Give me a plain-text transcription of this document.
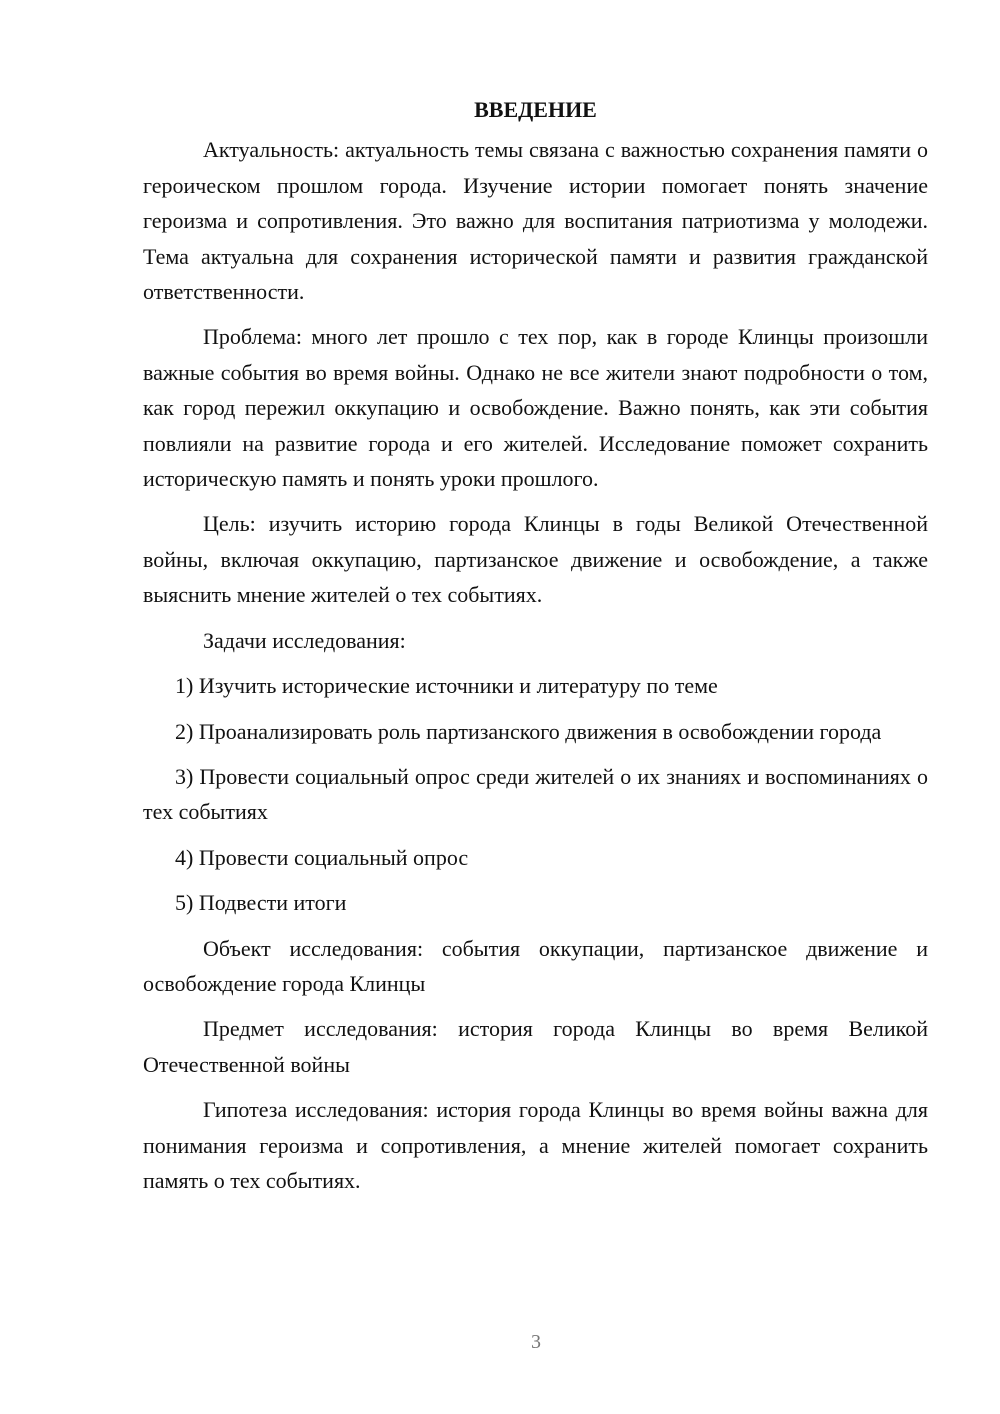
ВВЕДЕНИЕ

Актуальность: актуальность темы связана с важностью сохранения памяти о героическом прошлом города. Изучение истории помогает понять значение героизма и сопротивления. Это важно для воспитания патриотизма у молодежи. Тема актуальна для сохранения исторической памяти и развития гражданской ответственности.

Проблема: много лет прошло с тех пор, как в городе Клинцы произошли важные события во время войны. Однако не все жители знают подробности о том, как город пережил оккупацию и освобождение. Важно понять, как эти события повлияли на развитие города и его жителей. Исследование поможет сохранить историческую память и понять уроки прошлого.

Цель: изучить историю города Клинцы в годы Великой Отечественной войны, включая оккупацию, партизанское движение и освобождение, а также выяснить мнение жителей о тех событиях.

Задачи исследования:

1) Изучить исторические источники и литературу по теме

2) Проанализировать роль партизанского движения в освобождении города

3) Провести социальный опрос среди жителей о их знаниях и воспоминаниях о тех событиях

4) Провести социальный опрос

5) Подвести итоги

Объект исследования: события оккупации, партизанское движение и освобождение города Клинцы

Предмет исследования: история города Клинцы во время Великой Отечественной войны

Гипотеза исследования: история города Клинцы во время войны важна для понимания героизма и сопротивления, а мнение жителей помогает сохранить память о тех событиях.

3
